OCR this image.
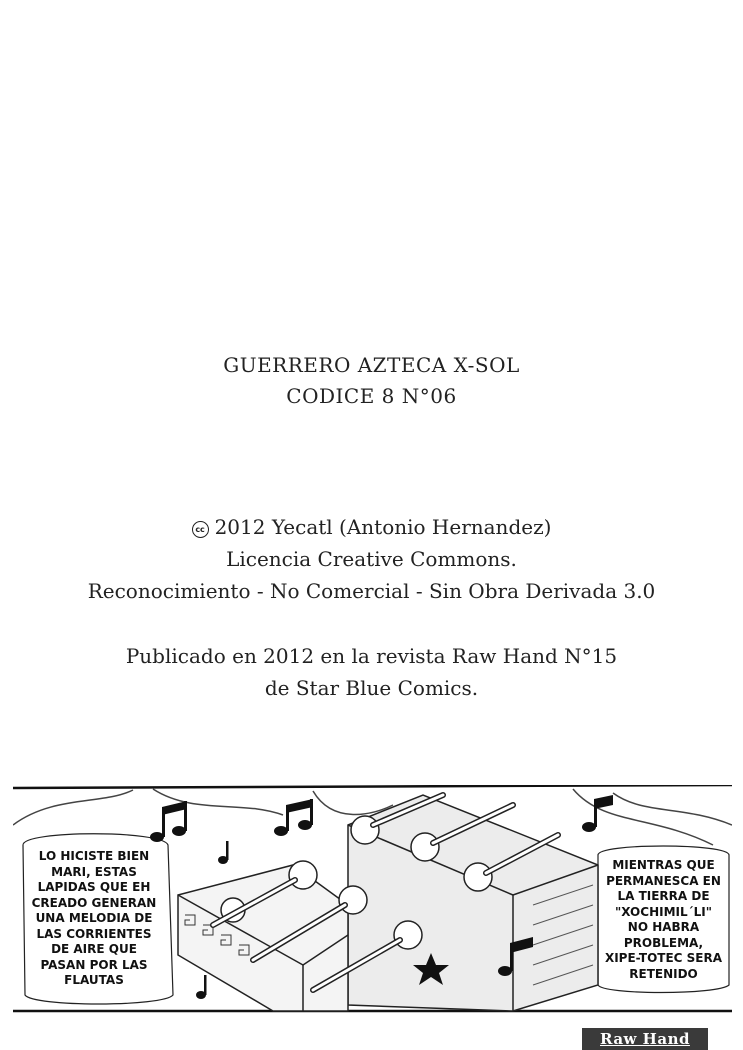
GUERRERO AZTECA X-SOL
CODICE 8 N°06
cc 2012 Yecatl (Antonio Hernandez)
Licencia Creative Commons.
Reconocimiento - No Comercial - Sin Obra Derivada 3.0
Publicado en 2012 en la revista Raw Hand N°15
de Star Blue Comics.
LO HICISTE BIEN
MARI, ESTAS
LAPIDAS QUE EH
CREADO GENERAN
UNA MELODIA DE
LAS CORRIENTES
DE AIRE QUE
PASAN POR LAS
FLAUTAS
MIENTRAS QUE
PERMANESCA EN
LA TIERRA DE
"XOCHIMIL´LI"
NO HABRA
PROBLEMA,
XIPE-TOTEC SERA
RETENIDO
Raw Hand
